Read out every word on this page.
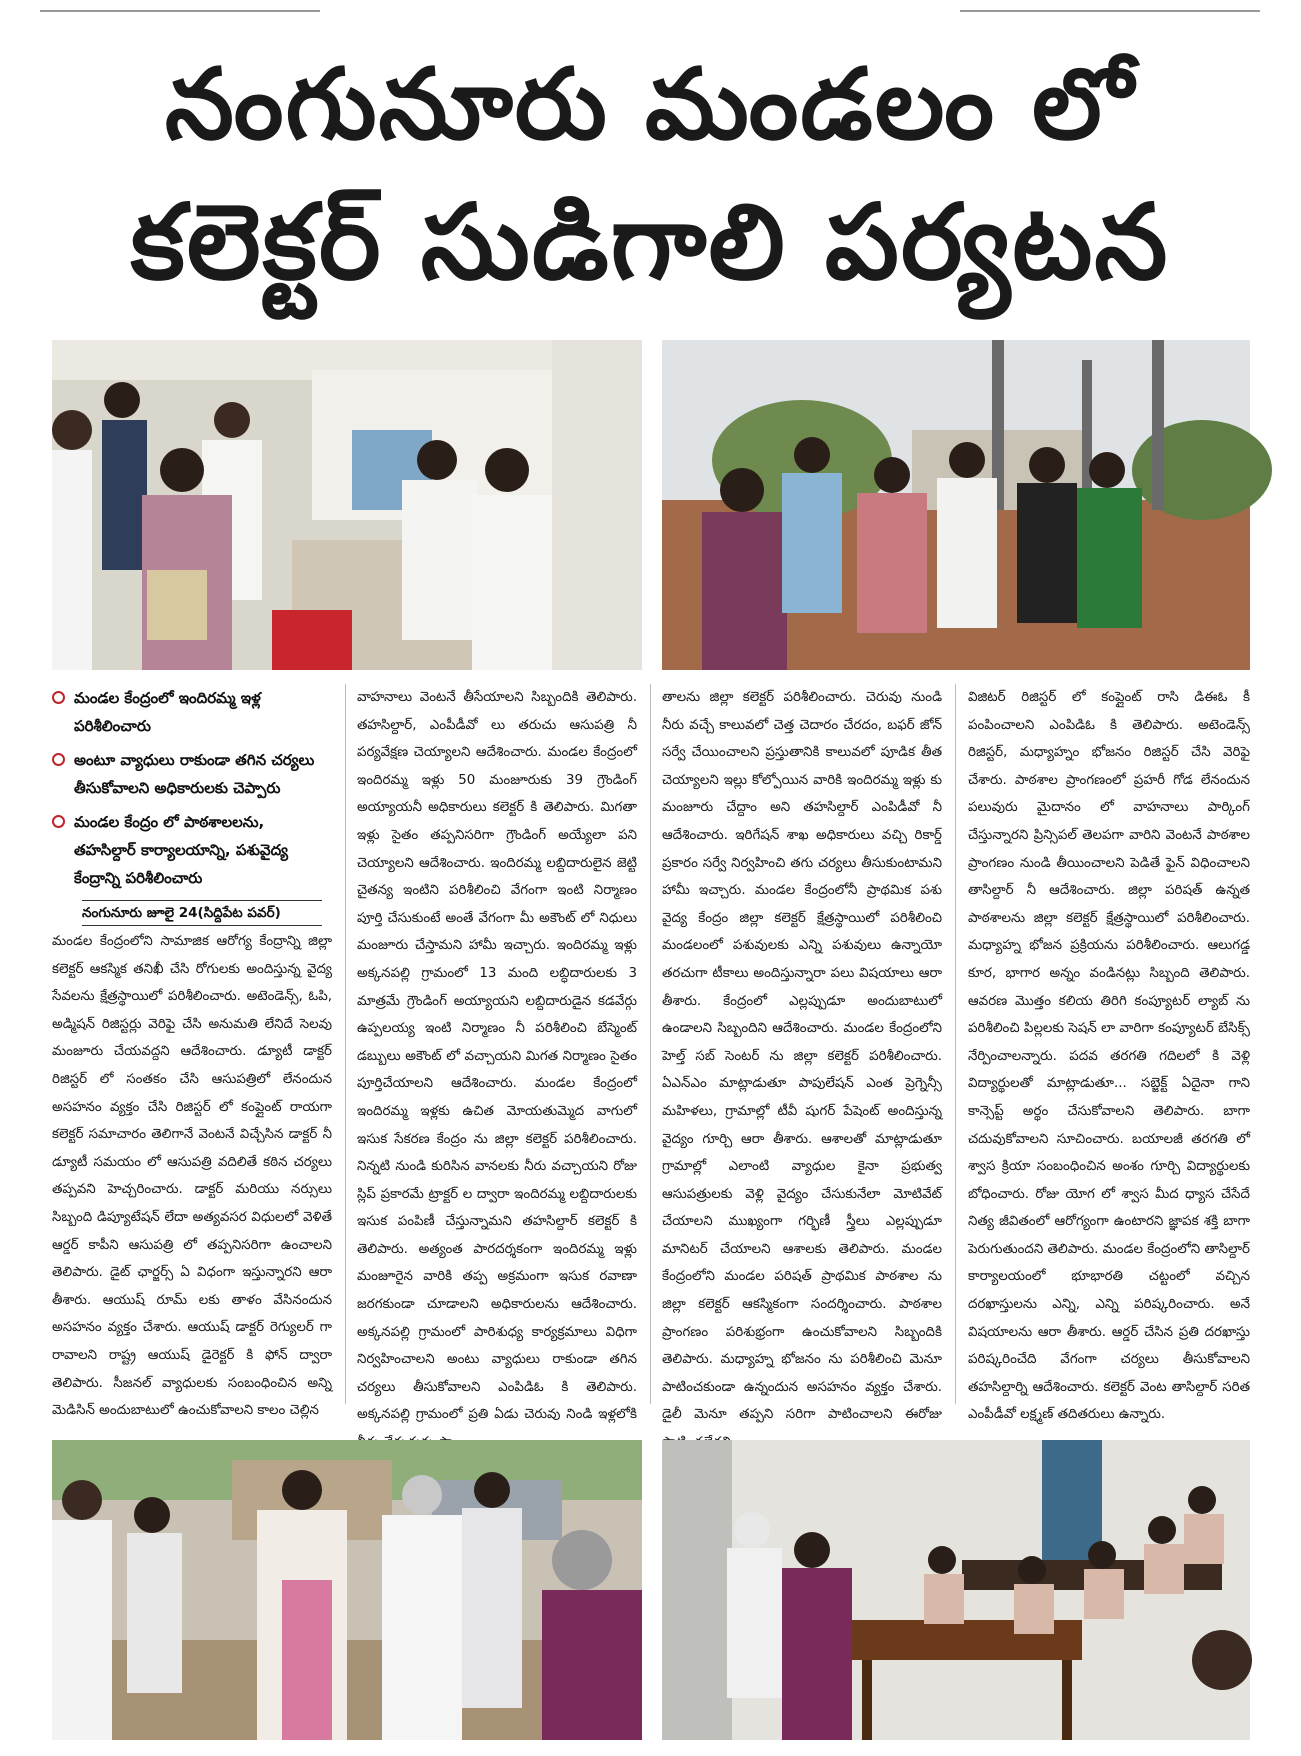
నంగునూరు మండలం లో
కలెక్టర్ సుడిగాలి పర్యటన
మండల కేంద్రంలో ఇందిరమ్మ ఇళ్ల పరిశీలించారు
అంటూ వ్యాధులు రాకుండా తగిన చర్యలు తీసుకోవాలని అధికారులకు చెప్పారు
మండల కేంద్రం లో పాఠశాలలను, తహసిల్దార్ కార్యాలయాన్ని, పశువైద్య కేంద్రాన్ని పరిశీలించారు
నంగునూరు జూలై 24(సిద్దిపేట పవర్)
మండల కేంద్రంలోని సామాజిక ఆరోగ్య కేంద్రాన్ని జిల్లా కలెక్టర్ ఆకస్మిక తనిఖీ చేసి రోగులకు అందిస్తున్న వైద్య సేవలను క్షేత్రస్థాయిలో పరిశీలించారు. అటెండెన్స్, ఓపి, అడ్మిషన్ రిజిస్టర్లు వెరిఫై చేసి అనుమతి లేనిదే సెలవు మంజూరు చేయవద్దని ఆదేశించారు. డ్యూటీ డాక్టర్ రిజిస్టర్ లో సంతకం చేసి ఆసుపత్రిలో లేనందున అసహనం వ్యక్తం చేసి రిజిస్టర్ లో కంప్లైంట్ రాయగా కలెక్టర్ సమాచారం తెలిగానే వెంటనే విచ్చేసిన డాక్టర్ నీ డ్యూటీ సమయం లో ఆసుపత్రి వదిలితే కఠిన చర్యలు తప్పవని హెచ్చరించారు. డాక్టర్ మరియు నర్సులు సిబ్బంది డిప్యూటేషన్ లేదా అత్యవసర విధులలో వెళితే ఆర్డర్ కాపీని ఆసుపత్రి లో తప్పనిసరిగా ఉంచాలని తెలిపారు. డైట్ ఛార్జర్స్ ఏ విధంగా ఇస్తున్నారని ఆరా తీశారు. ఆయుష్ రూమ్ లకు తాళం వేసినందున అసహనం వ్యక్తం చేశారు. ఆయుష్ డాక్టర్ రెగ్యులర్ గా రావాలని రాష్ట్ర ఆయుష్ డైరెక్టర్ కి ఫోన్ ద్వారా తెలిపారు. సీజనల్ వ్యాధులకు సంబంధించిన అన్ని మెడిసిన్ అందుబాటులో ఉంచుకోవాలని కాలం చెల్లిన
వాహనాలు వెంటనే తీసేయాలని సిబ్బందికి తెలిపారు. తహసిల్దార్, ఎంపీడీవో లు తరుచు ఆసుపత్రి నీ పర్యవేక్షణ చెయ్యాలని ఆదేశించారు. మండల కేంద్రంలో ఇందిరమ్మ ఇళ్లు 50 మంజూరుకు 39 గ్రౌండింగ్ అయ్యాయనీ అధికారులు కలెక్టర్ కి తెలిపారు. మిగతా ఇళ్లు సైతం తప్పనిసరిగా గ్రౌండింగ్ అయ్యేలా పని చెయ్యాలని ఆదేశించారు. ఇందిరమ్మ లబ్దిదారులైన జెట్టి చైతన్య ఇంటిని పరిశీలించి వేగంగా ఇంటి నిర్మాణం పూర్తి చేసుకుంటే అంతే వేగంగా మీ అకౌంట్ లో నిధులు మంజూరు చేస్తామని హామీ ఇచ్చారు. ఇందిరమ్మ ఇళ్లు అక్కనపల్లి గ్రామంలో 13 మంది లబ్ధిదారులకు 3 మాత్రమే గ్రౌండింగ్ అయ్యాయని లబ్దిదారుడైన కడవేర్గు ఉప్పలయ్య ఇంటి నిర్మాణం నీ పరిశీలించి బేస్మెంట్ డబ్బులు అకౌంట్ లో వచ్చాయని మిగత నిర్మాణం సైతం పూర్తిచేయాలని ఆదేశించారు. మండల కేంద్రంలో ఇందిరమ్మ ఇళ్లకు ఉచిత మోయతుమ్మెద వాగులో ఇసుక సేకరణ కేంద్రం ను జిల్లా కలెక్టర్ పరిశీలించారు. నిన్నటి నుండి కురిసిన వానలకు నీరు వచ్చాయని రోజు స్లిప్ ప్రకారమే ట్రాక్టర్ ల ద్వారా ఇందిరమ్మ లబ్దిదారులకు ఇసుక పంపిణీ చేస్తున్నామని తహసిల్దార్ కలెక్టర్ కి తెలిపారు. అత్యంత పారదర్శకంగా ఇందిరమ్మ ఇళ్లు మంజూరైన వారికి తప్ప అక్రమంగా ఇసుక రవాణా జరగకుండా చూడాలని అధికారులను ఆదేశించారు. అక్కనపల్లి గ్రామంలో పారిశుధ్య కార్యక్రమాలు విధిగా నిర్వహించాలని అంటు వ్యాధులు రాకుండా తగిన చర్యలు తీసుకోవాలని ఎంపిడిఓ కి తెలిపారు. అక్కనపల్లి గ్రామంలో ప్రతి ఏడు చెరువు నిండి ఇళ్లలోకి
తాలను జిల్లా కలెక్టర్ పరిశీలించారు. చెరువు నుండి నీరు వచ్చే కాలువలో చెత్త చెదారం చేరదం, బఫర్ జోన్ సర్వే చేయించాలని ప్రస్తుతానికి కాలువలో పూడిక తీత చెయ్యాలని ఇల్లు కోల్పోయిన వారికి ఇందిరమ్మ ఇళ్లు కు మంజూరు చేద్దాం అని తహసిల్దార్ ఎంపిడీవో నీ ఆదేశించారు. ఇరిగేషన్ శాఖ అధికారులు వచ్చి రికార్డ్ ప్రకారం సర్వే నిర్వహించి తగు చర్యలు తీసుకుంటామని హామీ ఇచ్చారు. మండల కేంద్రంలోనీ ప్రాథమిక పశు వైద్య కేంద్రం జిల్లా కలెక్టర్ క్షేత్రస్థాయిలో పరిశీలించి మండలంలో పశువులకు ఎన్ని పశువులు ఉన్నాయో తరచుగా టీకాలు అందిస్తున్నారా పలు విషయాలు ఆరా తీశారు. కేంద్రంలో ఎల్లప్పుడూ అందుబాటులో ఉండాలని సిబ్బందిని ఆదేశించారు. మండల కేంద్రంలోని హెల్త్ సబ్ సెంటర్ ను జిల్లా కలెక్టర్ పరిశీలించారు. ఏఎన్ఎం మాట్లాడుతూ పాపులేషన్ ఎంత ప్రెగ్నెన్సీ మహిళలు, గ్రామాల్లో టీవీ షుగర్ పేషెంట్ అందిస్తున్న వైద్యం గూర్చి ఆరా తీశారు. ఆశాలతో మాట్లాడుతూ గ్రామాల్లో ఎలాంటి వ్యాధుల కైనా ప్రభుత్వ ఆసుపత్రులకు వెళ్లి వైద్యం చేసుకునేలా మోటివేట్ చేయాలని ముఖ్యంగా గర్భిణీ స్త్రీలు ఎల్లప్పుడూ మానిటర్ చేయాలని ఆశాలకు తెలిపారు. మండల కేంద్రంలోని మండల పరిషత్ ప్రాథమిక పాఠశాల ను జిల్లా కలెక్టర్ ఆకస్మికంగా సందర్శించారు. పాఠశాల ప్రాంగణం పరిశుభ్రంగా ఉంచుకోవాలని సిబ్బందికి తెలిపారు. మధ్యాహ్న భోజనం ను పరిశీలించి మెనూ పాటించకుండా ఉన్నందున అసహనం వ్యక్తం చేశారు. డైలీ మెనూ తప్పని సరిగా పాటించాలని ఈరోజు
విజిటర్ రిజిస్టర్ లో కంప్లైంట్ రాసి డిఈఓ కీ పంపించాలని ఎంపిడిఓ కి తెలిపారు. అటెండెన్స్ రిజిస్టర్, మధ్యాహ్నం భోజనం రిజిస్టర్ చేసి వెరిఫై చేశారు. పాఠశాల ప్రాంగణంలో ప్రహరీ గోడ లేనందున పలువురు మైదానం లో వాహనాలు పార్కింగ్ చేస్తున్నారని ప్రిన్సిపల్ తెలపగా వారిని వెంటనే పాఠశాల ప్రాంగణం నుండి తీయించాలని పెడితే ఫైన్ విధించాలని తాసిల్దార్ నీ ఆదేశించారు. జిల్లా పరిషత్ ఉన్నత పాఠశాలను జిల్లా కలెక్టర్ క్షేత్రస్థాయిలో పరిశీలించారు. మధ్యాహ్న భోజన ప్రక్రియను పరిశీలించారు. ఆలుగడ్డ కూర, భాగార అన్నం వండినట్లు సిబ్బంది తెలిపారు. ఆవరణ మొత్తం కలియ తిరిగి కంప్యూటర్ ల్యాబ్ ను పరిశీలించి పిల్లలకు సెషన్ లా వారిగా కంప్యూటర్ బేసిక్స్ నేర్పించాలన్నారు. పదవ తరగతి గదిలలో కి వెళ్లి విద్యార్థులతో మాట్లాడుతూ... సబ్జెక్ట్ ఏదైనా గాని కాన్సెప్ట్ అర్థం చేసుకోవాలని తెలిపారు. బాగా చదువుకోవాలని సూచించారు. బయాలజీ తరగతి లో శ్వాస క్రియా సంబంధించిన అంశం గూర్చి విద్యార్థులకు బోధించారు. రోజు యోగ లో శ్వాస మీద ధ్యాస చేసేదే నిత్య జీవితంలో ఆరోగ్యంగా ఉంటారని జ్ఞాపక శక్తి బాగా పెరుగుతుందని తెలిపారు. మండల కేంద్రంలోని తాసిల్దార్ కార్యాలయంలో భూభారతి చట్టంలో వచ్చిన దరఖాస్తులను ఎన్ని, ఎన్ని పరిష్కరించారు. అనే విషయాలను ఆరా తీశారు. ఆర్డర్ చేసిన ప్రతి దరఖాస్తు పరిష్కరించేది వేగంగా చర్యలు తీసుకోవాలని తహసిల్దార్ని ఆదేశించారు. కలెక్టర్ వెంట తాసిల్దార్ సరిత ఎంపీడీవో లక్ష్మణ్ తదితరులు ఉన్నారు.
